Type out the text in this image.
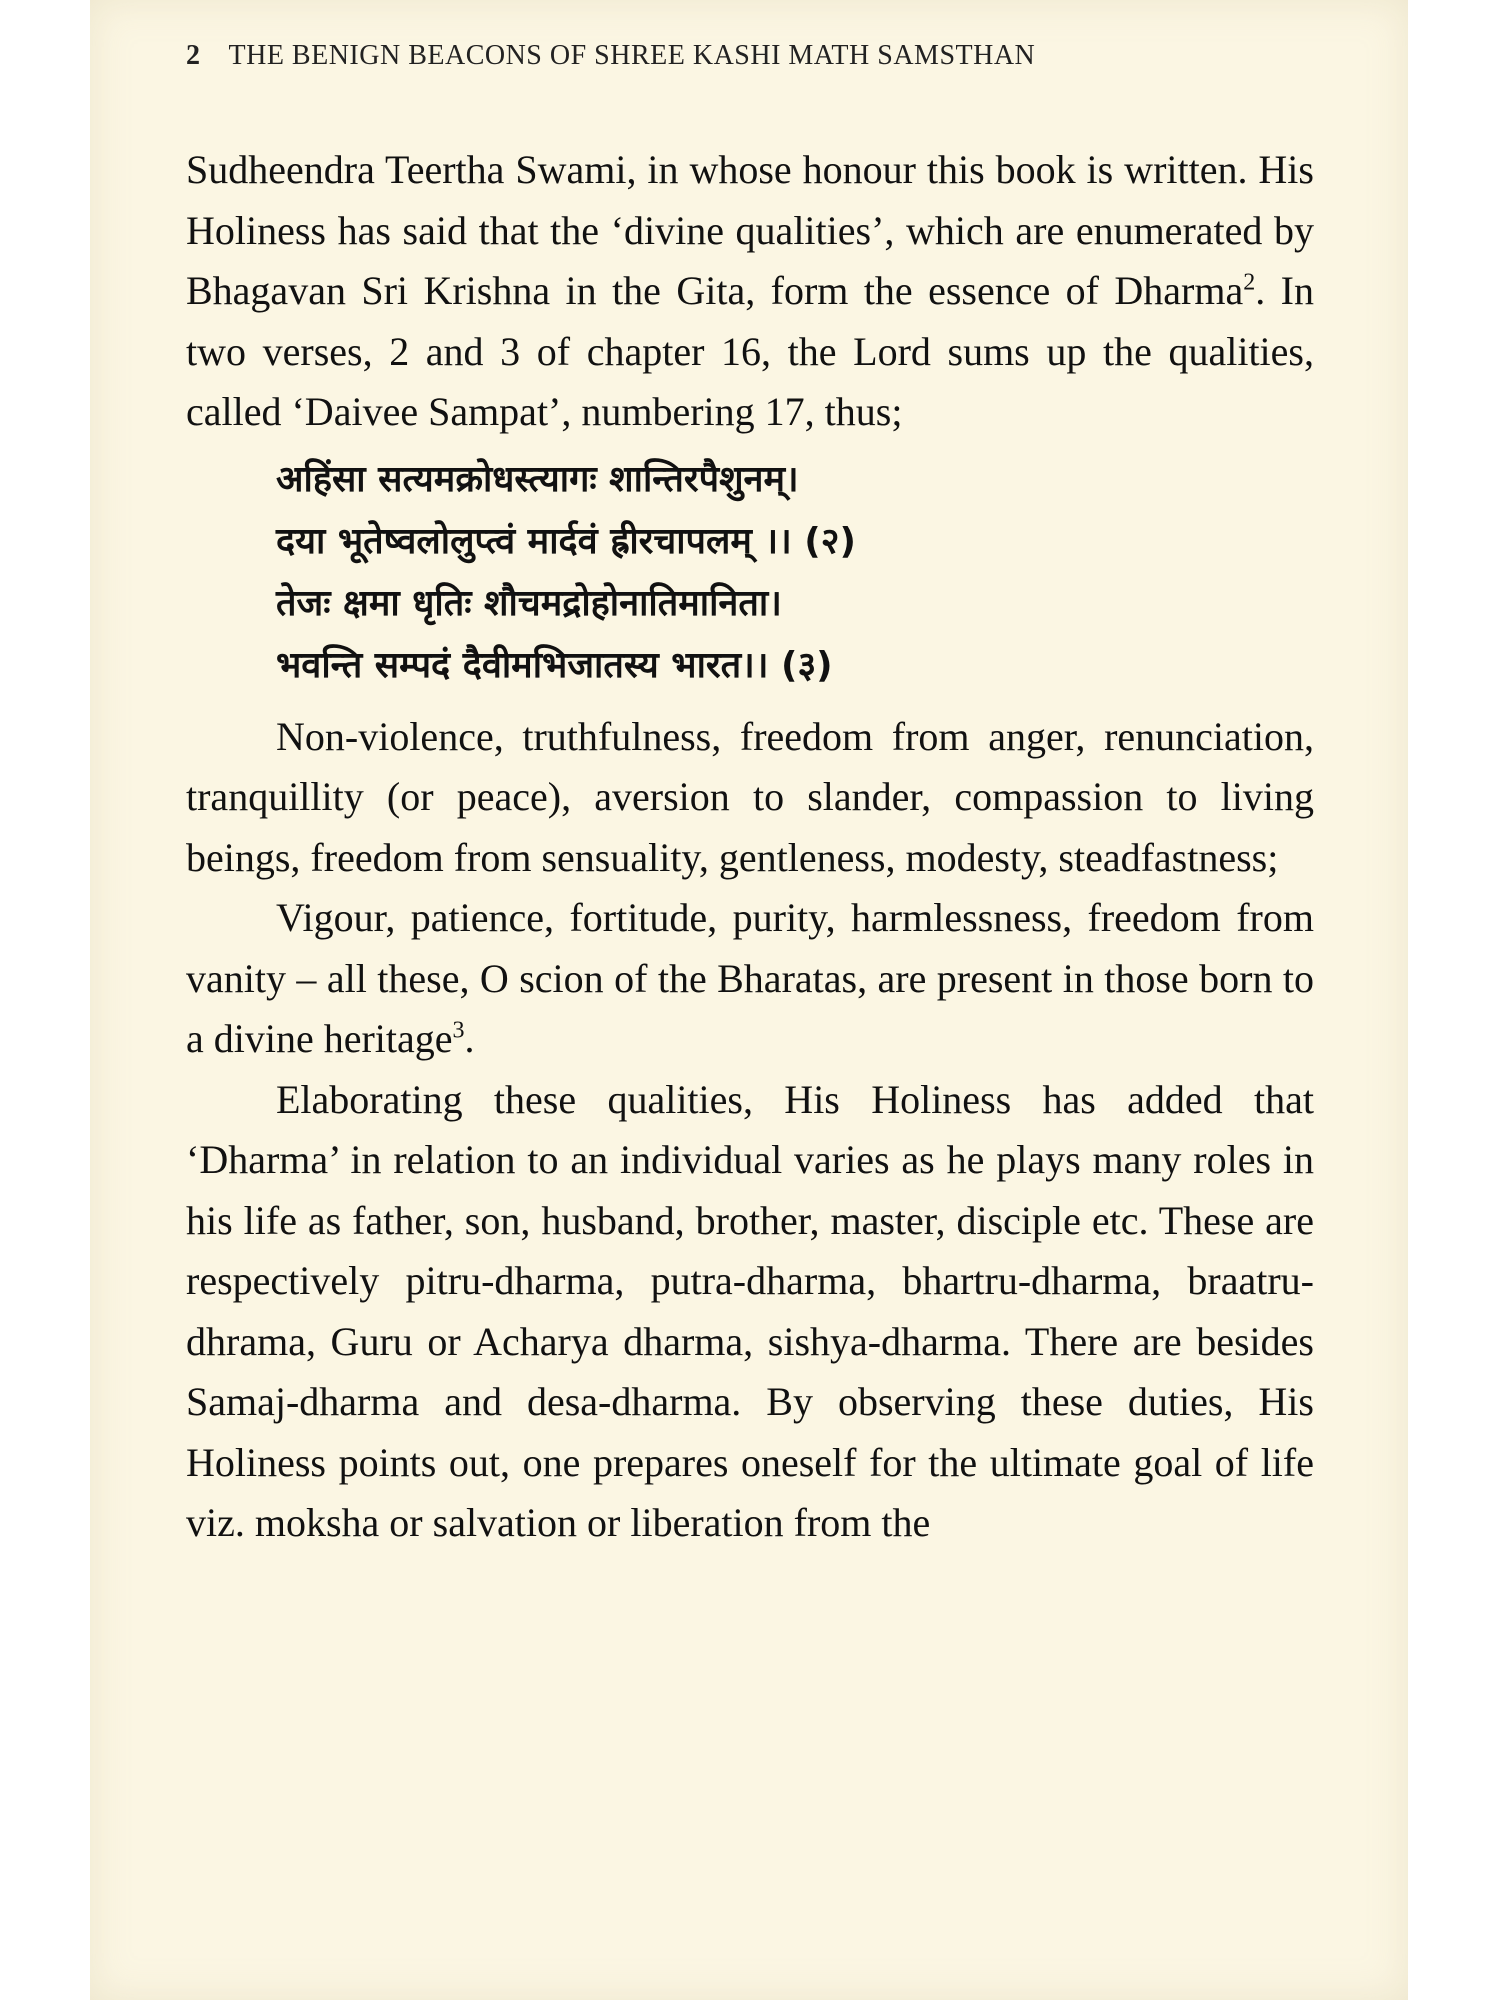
2 THE BENIGN BEACONS OF SHREE KASHI MATH SAMSTHAN

Sudheendra Teertha Swami, in whose honour this book is written. His Holiness has said that the ‘divine qualities’, which are enumerated by Bhagavan Sri Krishna in the Gita, form the essence of Dharma$^2$. In two verses, 2 and 3 of chapter 16, the Lord sums up the qualities, called ‘Daivee Sampat’, numbering 17, thus;

अहिंसा सत्यमक्रोधस्त्यागः शान्तिरपैशुनम्।
दया भूतेष्वलोलुप्त्वं मार्दवं ह्रीरचापलम् ।। (२)
तेजः क्षमा धृतिः शौचमद्रोहोनातिमानिता।
भवन्ति सम्पदं दैवीमभिजातस्य भारत।। (३)

Non-violence, truthfulness, freedom from anger, renunciation, tranquillity (or peace), aversion to slander, compassion to living beings, freedom from sensuality, gentleness, modesty, steadfastness;

Vigour, patience, fortitude, purity, harmlessness, freedom from vanity – all these, O scion of the Bharatas, are present in those born to a divine heritage$^3$.

Elaborating these qualities, His Holiness has added that ‘Dharma’ in relation to an individual varies as he plays many roles in his life as father, son, husband, brother, master, disciple etc. These are respectively pitru-dharma, putra-dharma, bhartru-dharma, braatru-dhrama, Guru or Acharya dharma, sishya-dharma. There are besides Samaj-dharma and desa-dharma. By observing these duties, His Holiness points out, one prepares oneself for the ultimate goal of life viz. moksha or salvation or liberation from the
